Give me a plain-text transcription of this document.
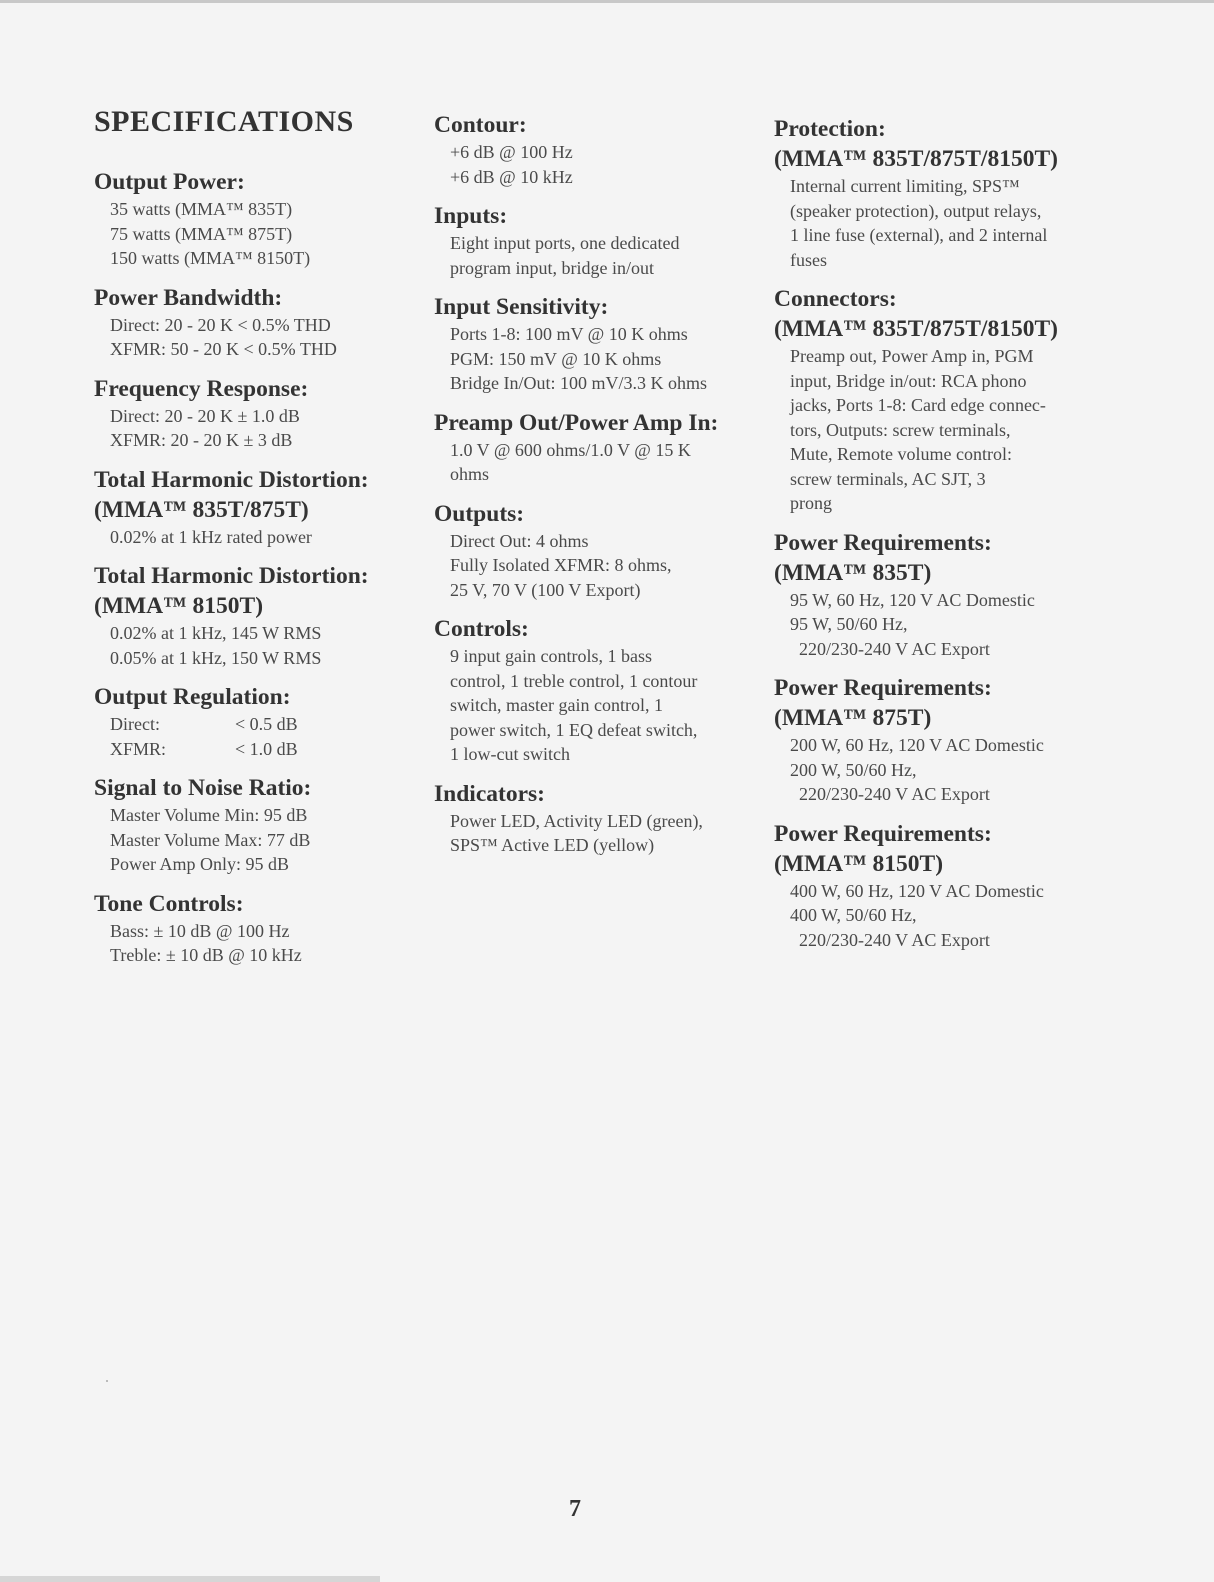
SPECIFICATIONS
Output Power:
35 watts (MMA™ 835T)
75 watts (MMA™ 875T)
150 watts (MMA™ 8150T)
Power Bandwidth:
Direct: 20 - 20 K < 0.5% THD
XFMR: 50 - 20 K < 0.5% THD
Frequency Response:
Direct: 20 - 20 K ± 1.0 dB
XFMR: 20 - 20 K ± 3 dB
Total Harmonic Distortion:
(MMA™ 835T/875T)
0.02% at 1 kHz rated power
Total Harmonic Distortion:
(MMA™ 8150T)
0.02% at 1 kHz, 145 W RMS
0.05% at 1 kHz, 150 W RMS
Output Regulation:
Direct:	< 0.5 dB
XFMR:	< 1.0 dB
Signal to Noise Ratio:
Master Volume Min: 95 dB
Master Volume Max: 77 dB
Power Amp Only: 95 dB
Tone Controls:
Bass: ± 10 dB @ 100 Hz
Treble: ± 10 dB @ 10 kHz
Contour:
+6 dB @ 100 Hz
+6 dB @ 10 kHz
Inputs:
Eight input ports, one dedicated
program input, bridge in/out
Input Sensitivity:
Ports 1-8: 100 mV @ 10 K ohms
PGM: 150 mV @ 10 K ohms
Bridge In/Out: 100 mV/3.3 K ohms
Preamp Out/Power Amp In:
1.0 V @ 600 ohms/1.0 V @ 15 K
ohms
Outputs:
Direct Out: 4 ohms
Fully Isolated XFMR: 8 ohms,
25 V, 70 V (100 V Export)
Controls:
9 input gain controls, 1 bass
control, 1 treble control, 1 contour
switch, master gain control, 1
power switch, 1 EQ defeat switch,
1 low-cut switch
Indicators:
Power LED, Activity LED (green),
SPS™ Active LED (yellow)
Protection:
(MMA™ 835T/875T/8150T)
Internal current limiting, SPS™
(speaker protection), output relays,
1 line fuse (external), and 2 internal
fuses
Connectors:
(MMA™ 835T/875T/8150T)
Preamp out, Power Amp in, PGM
input, Bridge in/out: RCA phono
jacks, Ports 1-8: Card edge connec-
tors, Outputs: screw terminals,
Mute, Remote volume control:
screw terminals, AC SJT, 3
prong
Power Requirements:
(MMA™ 835T)
95 W, 60 Hz, 120 V AC Domestic
95 W, 50/60 Hz,
220/230-240 V AC Export
Power Requirements:
(MMA™ 875T)
200 W, 60 Hz, 120 V AC Domestic
200 W, 50/60 Hz,
220/230-240 V AC Export
Power Requirements:
(MMA™ 8150T)
400 W, 60 Hz, 120 V AC Domestic
400 W, 50/60 Hz,
220/230-240 V AC Export
7
